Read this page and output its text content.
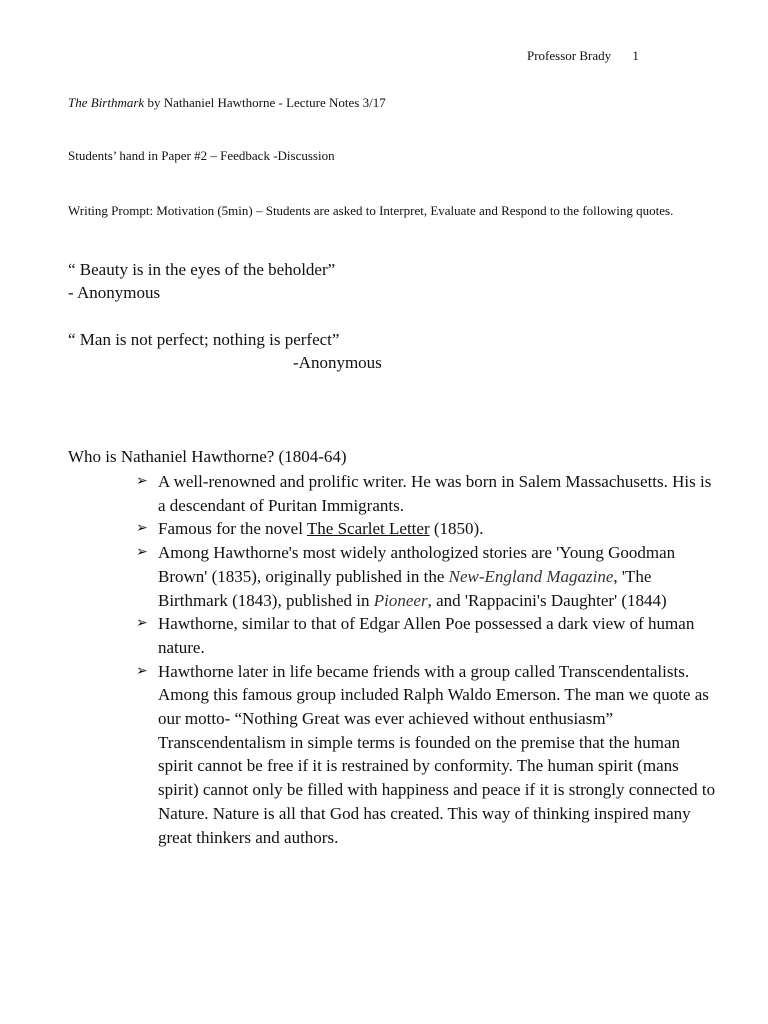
Professor Brady 1
The Birthmark by Nathaniel Hawthorne - Lecture Notes 3/17
Students’ hand in Paper #2 – Feedback -Discussion
Writing Prompt: Motivation (5min) – Students are asked to Interpret, Evaluate and Respond to the following quotes.
“ Beauty is in the eyes of the beholder”
- Anonymous
“ Man is not perfect; nothing is perfect”
-Anonymous
Who is Nathaniel Hawthorne? (1804-64)
➢ A well-renowned and prolific writer. He was born in Salem Massachusetts. His is a descendant of Puritan Immigrants.
➢ Famous for the novel The Scarlet Letter (1850).
➢ Among Hawthorne's most widely anthologized stories are 'Young Goodman Brown' (1835), originally published in the New-England Magazine, 'The Birthmark (1843), published in Pioneer, and 'Rappacini's Daughter' (1844)
➢ Hawthorne, similar to that of Edgar Allen Poe possessed a dark view of human nature.
➢ Hawthorne later in life became friends with a group called Transcendentalists. Among this famous group included Ralph Waldo Emerson. The man we quote as our motto- “Nothing Great was ever achieved without enthusiasm” Transcendentalism in simple terms is founded on the premise that the human spirit cannot be free if it is restrained by conformity. The human spirit (mans spirit) cannot only be filled with happiness and peace if it is strongly connected to Nature. Nature is all that God has created. This way of thinking inspired many great thinkers and authors.
